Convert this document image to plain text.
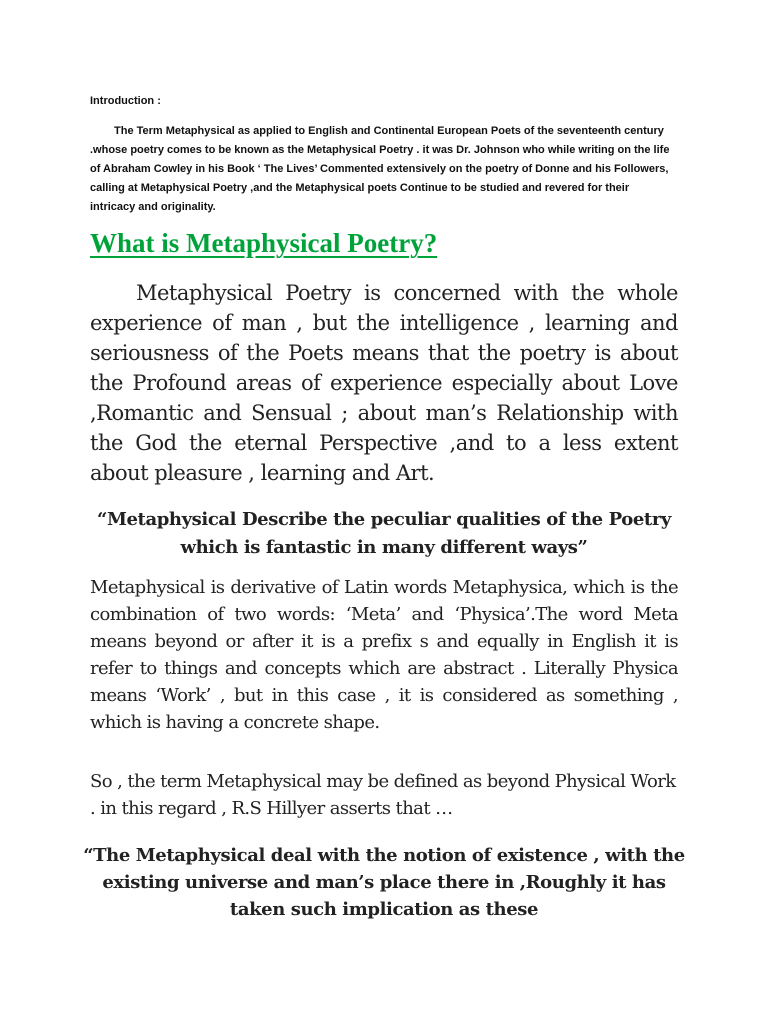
Introduction :

The Term Metaphysical as applied to English and Continental European Poets of the seventeenth century .whose poetry comes to be known as the Metaphysical Poetry . it was Dr. Johnson who while writing on the life of Abraham Cowley in his Book ‘ The Lives’ Commented extensively on the poetry of Donne and his Followers, calling at Metaphysical Poetry ,and the Metaphysical poets Continue to be studied and revered for their intricacy and originality.

What is Metaphysical Poetry?

Metaphysical Poetry is concerned with the whole experience of man , but the intelligence , learning and seriousness of the Poets means that the poetry is about the Profound areas of experience especially about Love ,Romantic and Sensual ; about man’s Relationship with the God the eternal Perspective ,and to a less extent about pleasure , learning and Art.

“Metaphysical Describe the peculiar qualities of the Poetry which is fantastic in many different ways”

Metaphysical is derivative of Latin words Metaphysica, which is the combination of two words: ‘Meta’ and ‘Physica’.The word Meta means beyond or after it is a prefix s and equally in English it is refer to things and concepts which are abstract . Literally Physica means ‘Work’ , but in this case , it is considered as something , which is having a concrete shape.

So , the term Metaphysical may be defined as beyond Physical Work . in this regard , R.S Hillyer asserts that …

“The Metaphysical deal with the notion of existence , with the existing universe and man’s place there in ,Roughly it has taken such implication as these
